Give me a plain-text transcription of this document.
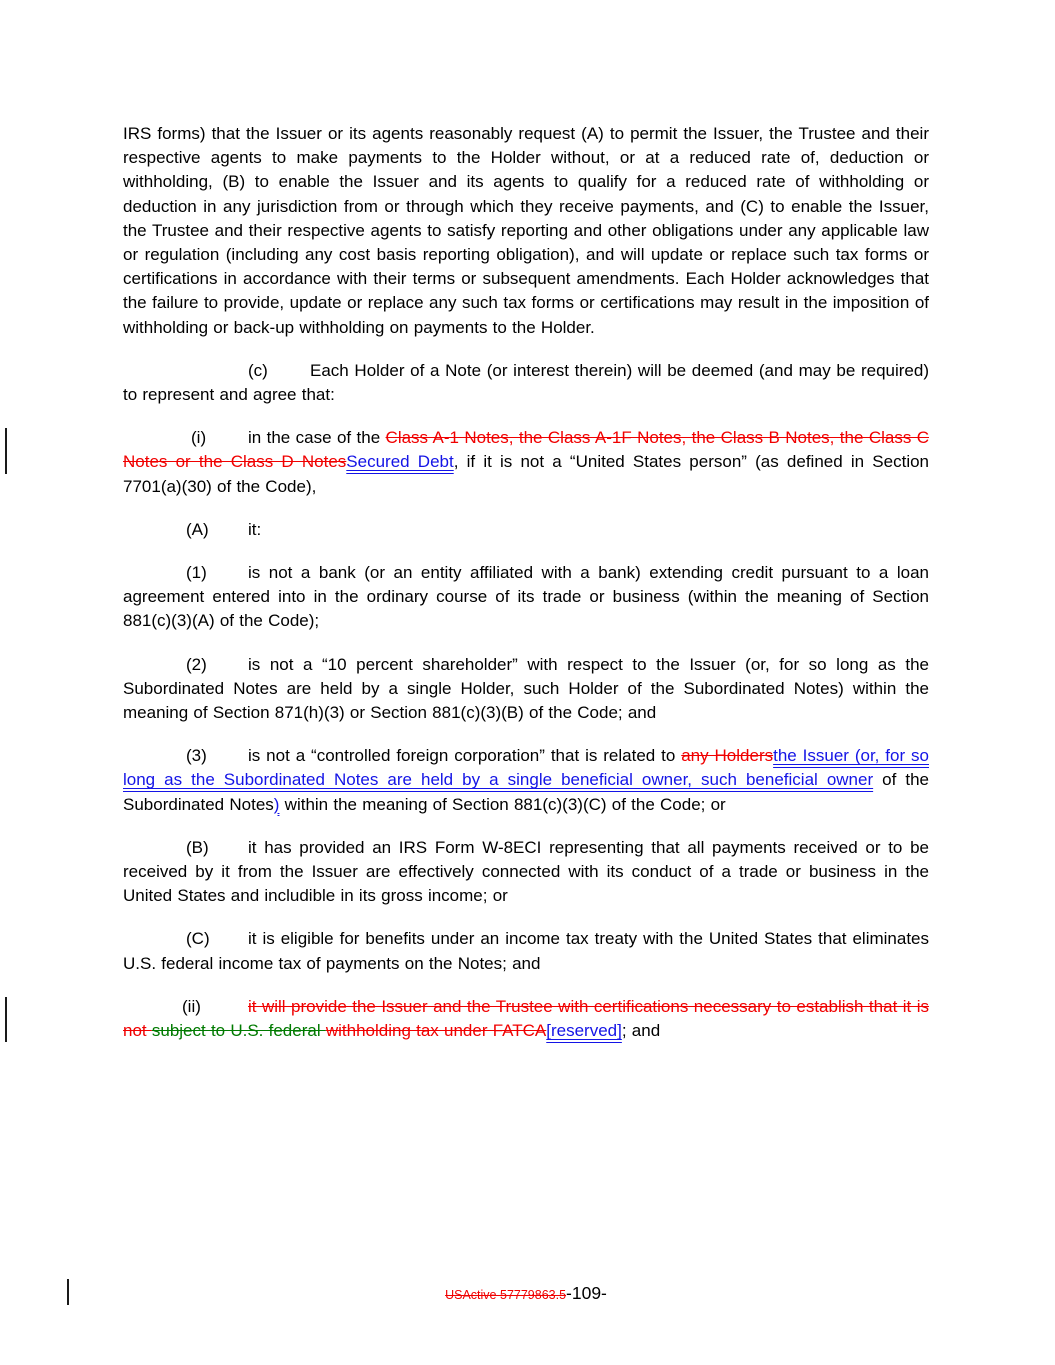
IRS forms) that the Issuer or its agents reasonably request (A) to permit the Issuer, the Trustee and their respective agents to make payments to the Holder without, or at a reduced rate of, deduction or withholding, (B) to enable the Issuer and its agents to qualify for a reduced rate of withholding or deduction in any jurisdiction from or through which they receive payments, and (C) to enable the Issuer, the Trustee and their respective agents to satisfy reporting and other obligations under any applicable law or regulation (including any cost basis reporting obligation), and will update or replace such tax forms or certifications in accordance with their terms or subsequent amendments. Each Holder acknowledges that the failure to provide, update or replace any such tax forms or certifications may result in the imposition of withholding or back-up withholding on payments to the Holder.

(c) Each Holder of a Note (or interest therein) will be deemed (and may be required) to represent and agree that:

(i) in the case of the Class A-1 Notes, the Class A-1F Notes, the Class B Notes, the Class C Notes or the Class D NotesSecured Debt, if it is not a “United States person” (as defined in Section 7701(a)(30) of the Code),

(A) it:

(1) is not a bank (or an entity affiliated with a bank) extending credit pursuant to a loan agreement entered into in the ordinary course of its trade or business (within the meaning of Section 881(c)(3)(A) of the Code);

(2) is not a “10 percent shareholder” with respect to the Issuer (or, for so long as the Subordinated Notes are held by a single Holder, such Holder of the Subordinated Notes) within the meaning of Section 871(h)(3) or Section 881(c)(3)(B) of the Code; and

(3) is not a “controlled foreign corporation” that is related to any Holdersthe Issuer (or, for so long as the Subordinated Notes are held by a single beneficial owner, such beneficial owner of the Subordinated Notes) within the meaning of Section 881(c)(3)(C) of the Code; or

(B) it has provided an IRS Form W-8ECI representing that all payments received or to be received by it from the Issuer are effectively connected with its conduct of a trade or business in the United States and includible in its gross income; or

(C) it is eligible for benefits under an income tax treaty with the United States that eliminates U.S. federal income tax of payments on the Notes; and

(ii)	it will provide the Issuer and the Trustee with certifications necessary to establish that it is not subject to U.S. federal withholding tax under FATCA[reserved]; and

USActive 57779863.5-109-
